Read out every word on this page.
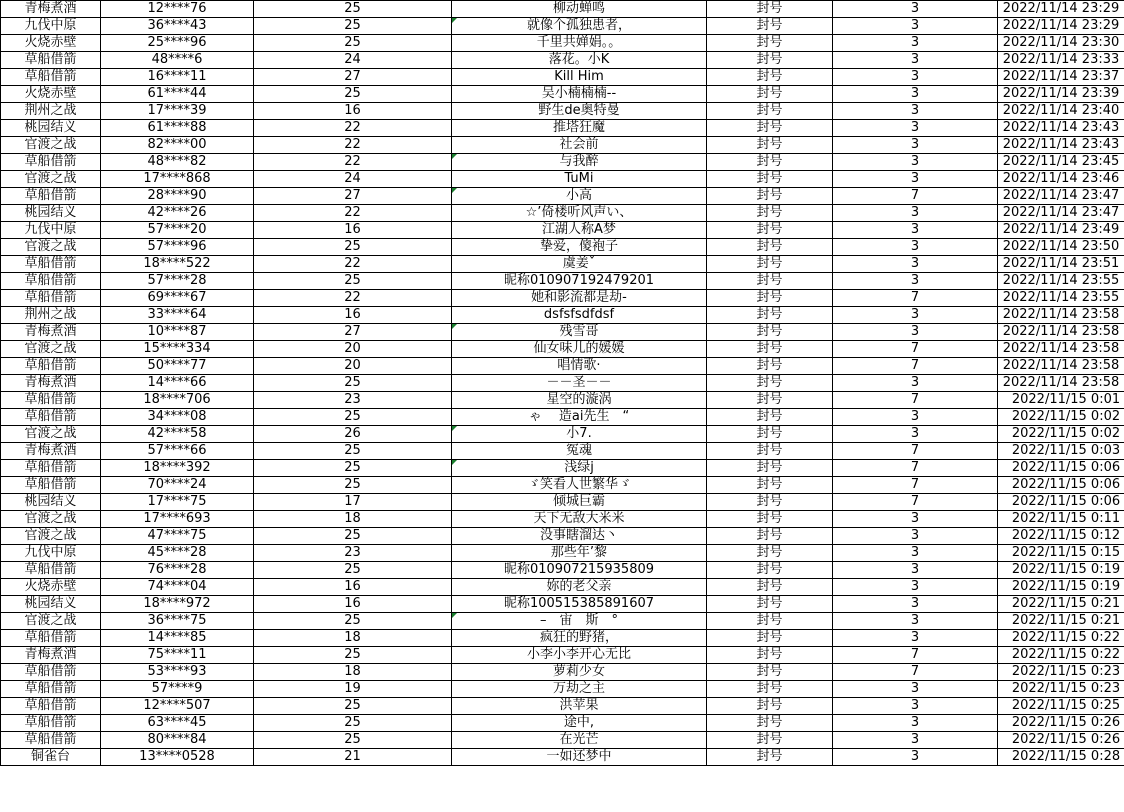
青梅煮酒	12****76	25	柳动蝉鸣	封号	3	2022/11/14 23:29
九伐中原	36****43	25	就像个孤独患者，	封号	3	2022/11/14 23:29
火烧赤壁	25****96	25	千里共婵娟。。	封号	3	2022/11/14 23:30
草船借箭	48****6	24	落花。小K	封号	3	2022/11/14 23:33
草船借箭	16****11	27	Kill Him	封号	3	2022/11/14 23:37
火烧赤壁	61****44	25	吴小楠楠楠--	封号	3	2022/11/14 23:39
荆州之战	17****39	16	野生de奥特曼	封号	3	2022/11/14 23:40
桃园结义	61****88	22	推塔狂魔	封号	3	2022/11/14 23:43
官渡之战	82****00	22	社会前	封号	3	2022/11/14 23:43
草船借箭	48****82	22	与我醉	封号	3	2022/11/14 23:45
官渡之战	17****868	24	TuMi	封号	3	2022/11/14 23:46
草船借箭	28****90	27	小高	封号	7	2022/11/14 23:47
桃园结义	42****26	22	☆’倚楼听风声い、	封号	3	2022/11/14 23:47
九伐中原	57****20	16	江湖人称A梦	封号	3	2022/11/14 23:49
官渡之战	57****96	25	挚爱，傻袍子	封号	3	2022/11/14 23:50
草船借箭	18****522	22	虞姜ˇ	封号	3	2022/11/14 23:51
草船借箭	57****28	25	昵称010907192479201	封号	3	2022/11/14 23:55
草船借箭	69****67	22	她和影流都是劫-	封号	7	2022/11/14 23:55
荆州之战	33****64	16	dsfsfsdfdsf	封号	3	2022/11/14 23:58
青梅煮酒	10****87	27	残雪哥	封号	3	2022/11/14 23:58
官渡之战	15****334	20	仙女味儿的媛媛	封号	7	2022/11/14 23:58
草船借箭	50****77	20	唱情歌·	封号	7	2022/11/14 23:58
青梅煮酒	14****66	25	－－圣－－	封号	3	2022/11/14 23:58
草船借箭	18****706	23	星空的漩涡	封号	7	2022/11/15 0:01
草船借箭	34****08	25	ゃ　 造ai先生　“	封号	3	2022/11/15 0:02
官渡之战	42****58	26	小7.	封号	3	2022/11/15 0:02
青梅煮酒	57****66	25	冤魂	封号	7	2022/11/15 0:03
草船借箭	18****392	25	浅绿j	封号	7	2022/11/15 0:06
草船借箭	70****24	25	ゞ笑看人世繁华ゞ	封号	7	2022/11/15 0:06
桃园结义	17****75	17	倾城巨霸	封号	7	2022/11/15 0:06
官渡之战	17****693	18	天下无敌大米米	封号	3	2022/11/15 0:11
官渡之战	47****75	25	没事瞎溜达丶	封号	3	2022/11/15 0:12
九伐中原	45****28	23	那些年’黎	封号	3	2022/11/15 0:15
草船借箭	76****28	25	昵称010907215935809	封号	3	2022/11/15 0:19
火烧赤壁	74****04	16	妳的老父亲	封号	3	2022/11/15 0:19
桃园结义	18****972	16	昵称100515385891607	封号	3	2022/11/15 0:21
官渡之战	36****75	25	–　宙　斯　°	封号	3	2022/11/15 0:21
草船借箭	14****85	18	疯狂的野猪，	封号	3	2022/11/15 0:22
青梅煮酒	75****11	25	小李小李开心无比	封号	7	2022/11/15 0:22
草船借箭	53****93	18	萝莉少女	封号	7	2022/11/15 0:23
草船借箭	57****9	19	万劫之主	封号	3	2022/11/15 0:23
草船借箭	12****507	25	洪苹果	封号	3	2022/11/15 0:25
草船借箭	63****45	25	途中,	封号	3	2022/11/15 0:26
草船借箭	80****84	25	在光芒	封号	3	2022/11/15 0:26
铜雀台	13****0528	21	一如还梦中	封号	3	2022/11/15 0:28
